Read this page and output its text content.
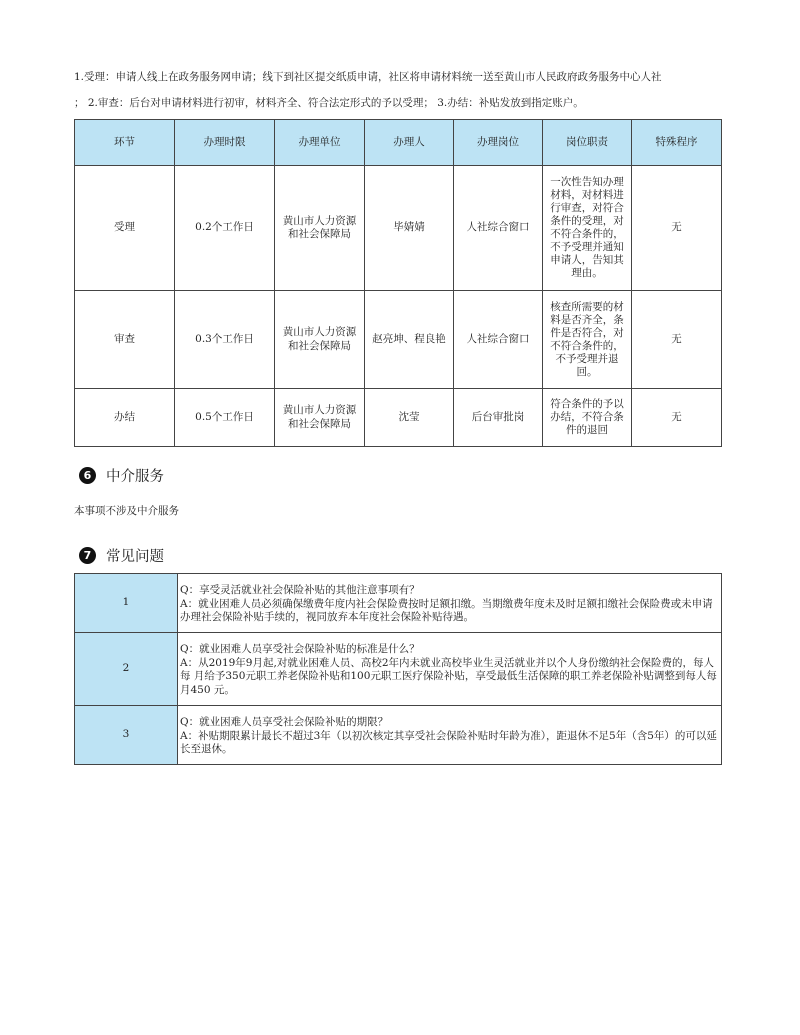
1.受理：申请人线上在政务服务网申请；线下到社区提交纸质申请，社区将申请材料统一送至黄山市人民政府政务服务中心人社
； 2.审查：后台对申请材料进行初审，材料齐全、符合法定形式的予以受理； 3.办结：补贴发放到指定账户。
环节	办理时限	办理单位	办理人	办理岗位	岗位职责	特殊程序
受理	0.2个工作日	黄山市人力资源和社会保障局	毕婧婧	人社综合窗口	一次性告知办理材料，对材料进行审查，对符合条件的受理，对不符合条件的，不予受理并通知申请人，告知其理由。	无
审查	0.3个工作日	黄山市人力资源和社会保障局	赵亮坤、程良艳	人社综合窗口	核查所需要的材料是否齐全，条件是否符合，对不符合条件的，不予受理并退回。	无
办结	0.5个工作日	黄山市人力资源和社会保障局	沈莹	后台审批岗	符合条件的予以办结，不符合条件的退回	无
6	中介服务
本事项不涉及中介服务
7	常见问题
1	Q：享受灵活就业社会保险补贴的其他注意事项有？
A：就业困难人员必须确保缴费年度内社会保险费按时足额扣缴。当期缴费年度未及时足额扣缴社会保险费或未申请办理社会保险补贴手续的，视同放弃本年度社会保险补贴待遇。

2	Q：就业困难人员享受社会保险补贴的标准是什么？
A：从2019年9月起,对就业困难人员、高校2年内未就业高校毕业生灵活就业并以个人身份缴纳社会保险费的，每人每 月给予350元职工养老保险补贴和100元职工医疗保险补贴，享受最低生活保障的职工养老保险补贴调整到每人每月450 元。

3	Q：就业困难人员享受社会保险补贴的期限？
A：补贴期限累计最长不超过3年（以初次核定其享受社会保险补贴时年龄为准），距退休不足5年（含5年）的可以延长至退休。
